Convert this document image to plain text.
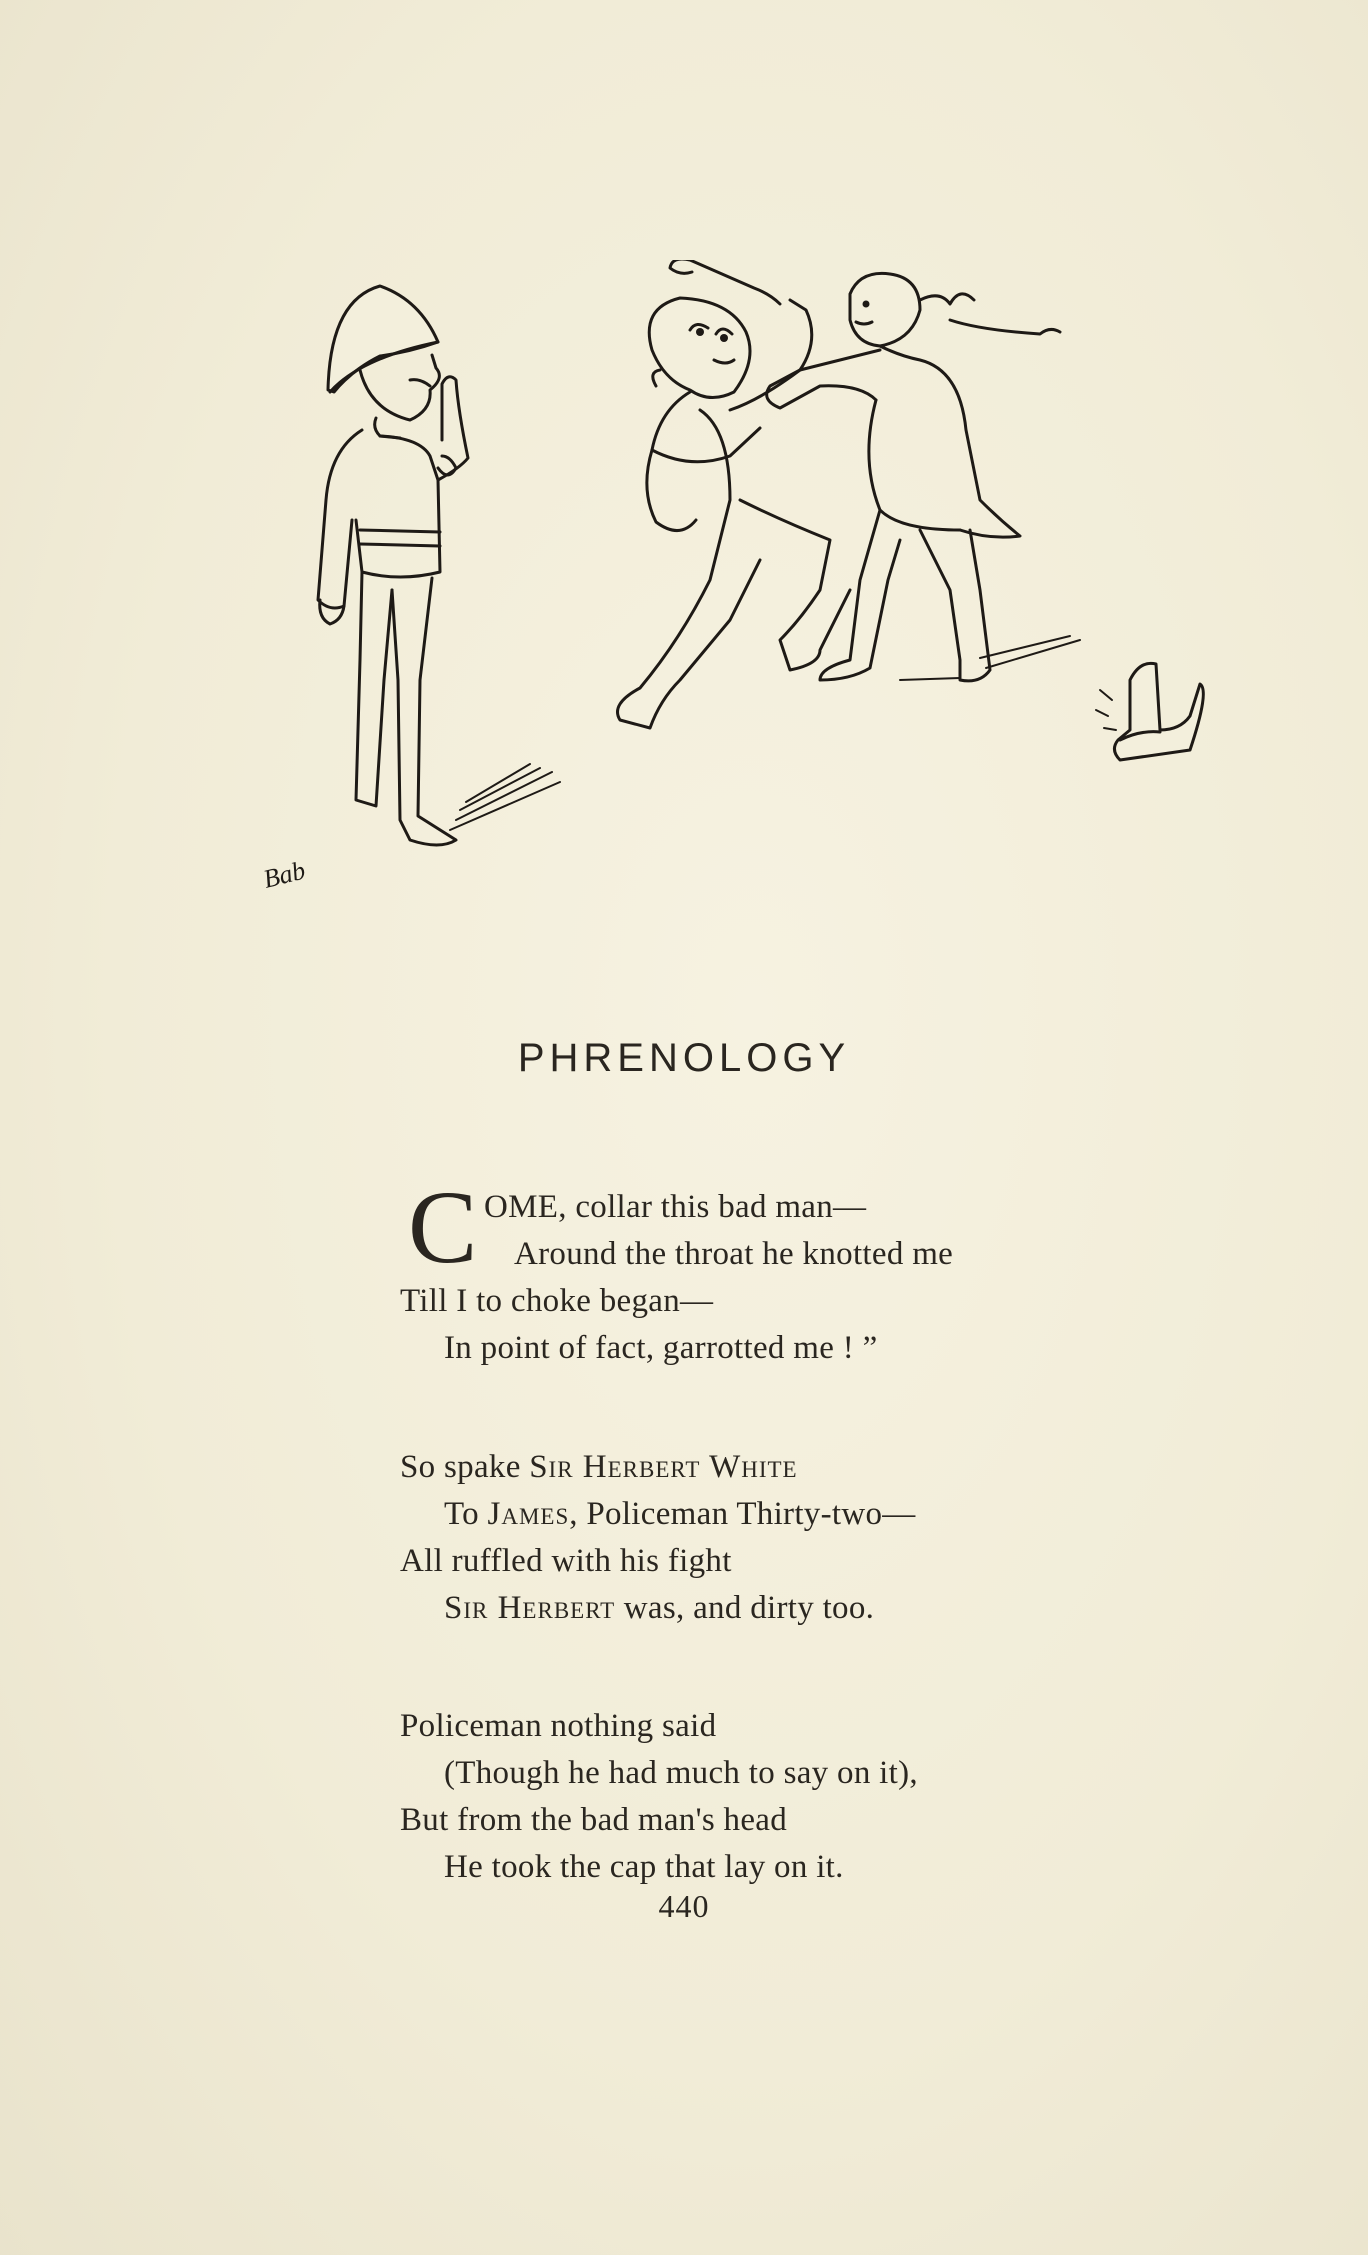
Bab
PHRENOLOGY
C OME, collar this bad man—
Around the throat he knotted me
Till I to choke began—
In point of fact, garrotted me ! ”
So spake Sir Herbert White
To James, Policeman Thirty-two—
All ruffled with his fight
Sir Herbert was, and dirty too.
Policeman nothing said
(Though he had much to say on it),
But from the bad man's head
He took the cap that lay on it.
440
